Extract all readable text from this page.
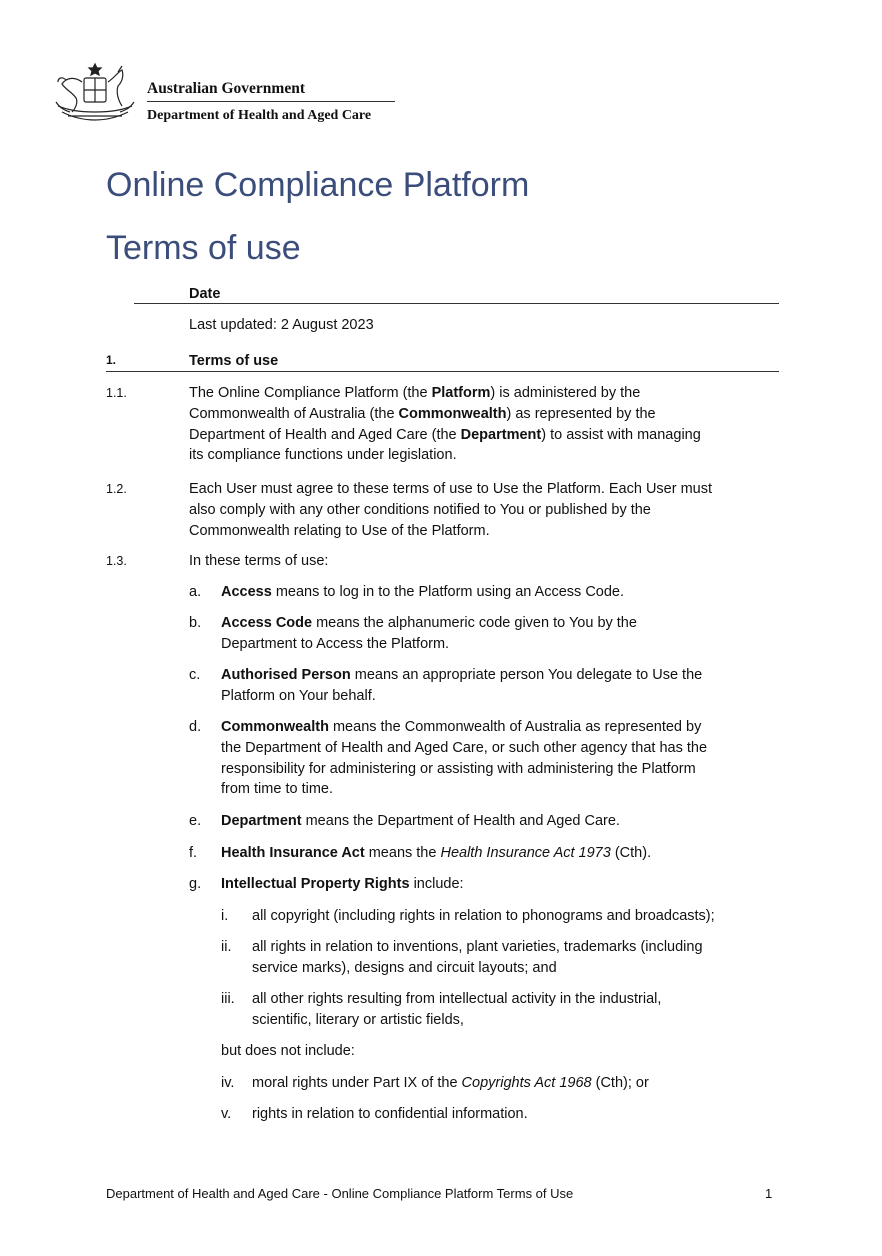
Australian Government
Department of Health and Aged Care
Online Compliance Platform
Terms of use
Date
Last updated: 2 August 2023
1.	Terms of use
1.1.	The Online Compliance Platform (the Platform) is administered by the
Commonwealth of Australia (the Commonwealth) as represented by the
Department of Health and Aged Care (the Department) to assist with managing
its compliance functions under legislation.
1.2.	Each User must agree to these terms of use to Use the Platform. Each User must
also comply with any other conditions notified to You or published by the
Commonwealth relating to Use of the Platform.
1.3.	In these terms of use:
a. Access means to log in to the Platform using an Access Code.
b. Access Code means the alphanumeric code given to You by the
Department to Access the Platform.
c. Authorised Person means an appropriate person You delegate to Use the
Platform on Your behalf.
d. Commonwealth means the Commonwealth of Australia as represented by
the Department of Health and Aged Care, or such other agency that has the
responsibility for administering or assisting with administering the Platform
from time to time.
e. Department means the Department of Health and Aged Care.
f. Health Insurance Act means the Health Insurance Act 1973 (Cth).
g. Intellectual Property Rights include:
i. all copyright (including rights in relation to phonograms and broadcasts);
ii. all rights in relation to inventions, plant varieties, trademarks (including
service marks), designs and circuit layouts; and
iii. all other rights resulting from intellectual activity in the industrial,
scientific, literary or artistic fields,
but does not include:
iv. moral rights under Part IX of the Copyrights Act 1968 (Cth); or
v. rights in relation to confidential information.
Department of Health and Aged Care - Online Compliance Platform Terms of Use	1
